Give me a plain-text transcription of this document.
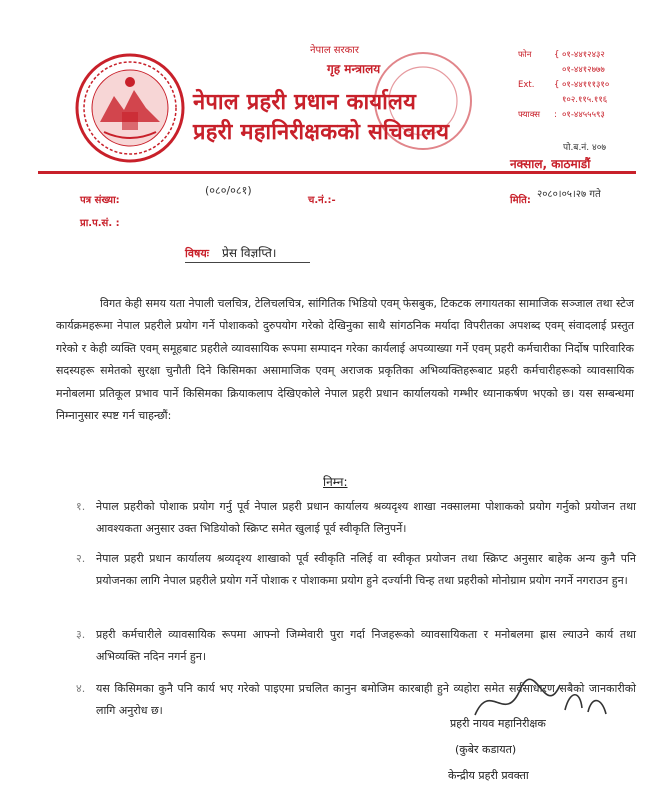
नेपाल सरकार
गृह मन्त्रालय
नेपाल प्रहरी प्रधान कार्यालय
प्रहरी महानिरीक्षकको सचिवालय
फोन	{ ०१-४४१२४३२
०१-४४१२७७७
Ext. { ०१-४४१११३१०
१०२.११५.११६
फ्याक्स : ०१-४४५५५९३
पो.ब.नं. ४०७
नक्साल, काठमाडौं
पत्र संख्या:
(०८०/०८१)
च.नं.:-	मिति:
२०८०।०५।२७ गते
प्रा.प.सं. :
विषयः प्रेस विज्ञप्ति।
विगत केही समय यता नेपाली चलचित्र, टेलिचलचित्र, सांगितिक भिडियो एवम् फेसबुक, टिकटक लगायतका सामाजिक सञ्जाल तथा स्टेज कार्यक्रमहरूमा नेपाल प्रहरीले प्रयोग गर्ने पोशाकको दुरुपयोग गरेको देखिनुका साथै सांगठनिक मर्यादा विपरीतका अपशब्द एवम् संवादलाई प्रस्तुत गरेको र केही व्यक्ति एवम् समूहबाट प्रहरीले व्यावसायिक रूपमा सम्पादन गरेका कार्यलाई अपव्याख्या गर्ने एवम् प्रहरी कर्मचारीका निर्दोष पारिवारिक सदस्यहरू समेतको सुरक्षा चुनौती दिने किसिमका असामाजिक एवम् अराजक प्रकृतिका अभिव्यक्तिहरूबाट प्रहरी कर्मचारीहरूको व्यावसायिक मनोबलमा प्रतिकूल प्रभाव पार्ने किसिमका क्रियाकलाप देखिएकोले नेपाल प्रहरी प्रधान कार्यालयको गम्भीर ध्यानाकर्षण भएको छ। यस सम्बन्धमा निम्नानुसार स्पष्ट गर्न चाहन्छौं:
निम्न:
१. नेपाल प्रहरीको पोशाक प्रयोग गर्नु पूर्व नेपाल प्रहरी प्रधान कार्यालय श्रव्यदृश्य शाखा नक्सालमा पोशाकको प्रयोग गर्नुको प्रयोजन तथा आवश्यकता अनुसार उक्त भिडियोको स्क्रिप्ट समेत खुलाई पूर्व स्वीकृति लिनुपर्ने।
२. नेपाल प्रहरी प्रधान कार्यालय श्रव्यदृश्य शाखाको पूर्व स्वीकृति नलिई वा स्वीकृत प्रयोजन तथा स्क्रिप्ट अनुसार बाहेक अन्य कुनै पनि प्रयोजनका लागि नेपाल प्रहरीले प्रयोग गर्ने पोशाक र पोशाकमा प्रयोग हुने दर्ज्यानी चिन्ह तथा प्रहरीको मोनोग्राम प्रयोग नगर्ने नगराउन हुन।
३. प्रहरी कर्मचारीले व्यावसायिक रूपमा आफ्नो जिम्मेवारी पुरा गर्दा निजहरूको व्यावसायिकता र मनोबलमा ह्रास ल्याउने कार्य तथा अभिव्यक्ति नदिन नगर्न हुन।
४. यस किसिमका कुनै पनि कार्य भए गरेको पाइएमा प्रचलित कानुन बमोजिम कारबाही हुने व्यहोरा समेत सर्वसाधारण सबैको जानकारीको लागि अनुरोध छ।
प्रहरी नायव महानिरीक्षक
(कुबेर कडायत)
केन्द्रीय प्रहरी प्रवक्ता
